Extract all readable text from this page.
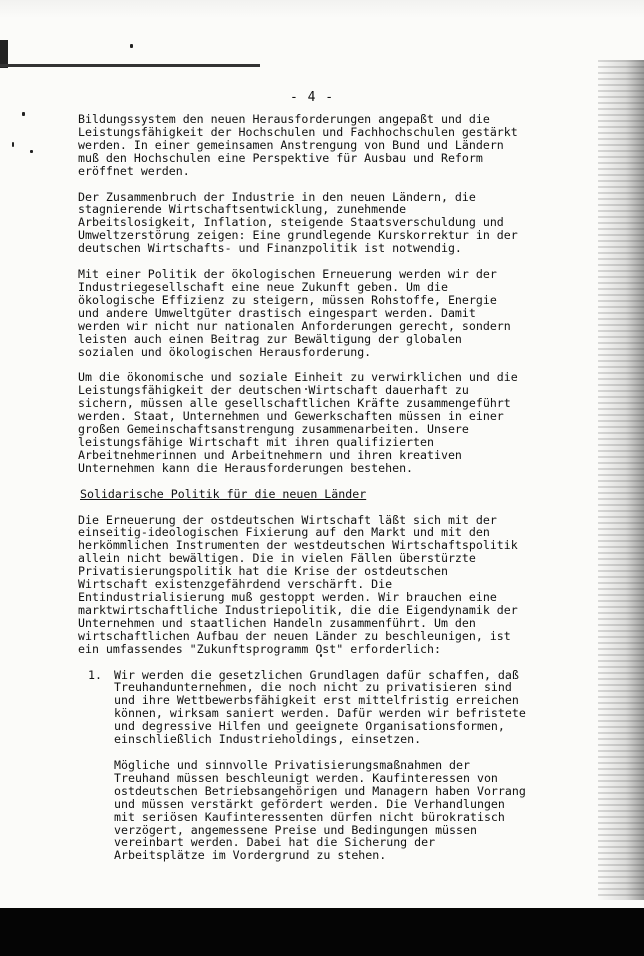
- 4 -
Bildungssystem den neuen Herausforderungen angepaßt und die
Leistungsfähigkeit der Hochschulen und Fachhochschulen gestärkt
werden. In einer gemeinsamen Anstrengung von Bund und Ländern
muß den Hochschulen eine Perspektive für Ausbau und Reform
eröffnet werden.
Der Zusammenbruch der Industrie in den neuen Ländern, die
stagnierende Wirtschaftsentwicklung, zunehmende
Arbeitslosigkeit, Inflation, steigende Staatsverschuldung und
Umweltzerstörung zeigen: Eine grundlegende Kurskorrektur in der
deutschen Wirtschafts- und Finanzpolitik ist notwendig.
Mit einer Politik der ökologischen Erneuerung werden wir der
Industriegesellschaft eine neue Zukunft geben. Um die
ökologische Effizienz zu steigern, müssen Rohstoffe, Energie
und andere Umweltgüter drastisch eingespart werden. Damit
werden wir nicht nur nationalen Anforderungen gerecht, sondern
leisten auch einen Beitrag zur Bewältigung der globalen
sozialen und ökologischen Herausforderung.
Um die ökonomische und soziale Einheit zu verwirklichen und die
Leistungsfähigkeit der deutschen Wirtschaft dauerhaft zu
sichern, müssen alle gesellschaftlichen Kräfte zusammengeführt
werden. Staat, Unternehmen und Gewerkschaften müssen in einer
großen Gemeinschaftsanstrengung zusammenarbeiten. Unsere
leistungsfähige Wirtschaft mit ihren qualifizierten
Arbeitnehmerinnen und Arbeitnehmern und ihren kreativen
Unternehmen kann die Herausforderungen bestehen.
Solidarische Politik für die neuen Länder
Die Erneuerung der ostdeutschen Wirtschaft läßt sich mit der
einseitig-ideologischen Fixierung auf den Markt und mit den
herkömmlichen Instrumenten der westdeutschen Wirtschaftspolitik
allein nicht bewältigen. Die in vielen Fällen überstürzte
Privatisierungspolitik hat die Krise der ostdeutschen
Wirtschaft existenzgefährdend verschärft. Die
Entindustrialisierung muß gestoppt werden. Wir brauchen eine
marktwirtschaftliche Industriepolitik, die die Eigendynamik der
Unternehmen und staatlichen Handeln zusammenführt. Um den
wirtschaftlichen Aufbau der neuen Länder zu beschleunigen, ist
ein umfassendes "Zukunftsprogramm Ost" erforderlich:
1.	Wir werden die gesetzlichen Grundlagen dafür schaffen, daß
Treuhandunternehmen, die noch nicht zu privatisieren sind
und ihre Wettbewerbsfähigkeit erst mittelfristig erreichen
können, wirksam saniert werden. Dafür werden wir befristete
und degressive Hilfen und geeignete Organisationsformen,
einschließlich Industrieholdings, einsetzen.
Mögliche und sinnvolle Privatisierungsmaßnahmen der
Treuhand müssen beschleunigt werden. Kaufinteressen von
ostdeutschen Betriebsangehörigen und Managern haben Vorrang
und müssen verstärkt gefördert werden. Die Verhandlungen
mit seriösen Kaufinteressenten dürfen nicht bürokratisch
verzögert, angemessene Preise und Bedingungen müssen
vereinbart werden. Dabei hat die Sicherung der
Arbeitsplätze im Vordergrund zu stehen.
